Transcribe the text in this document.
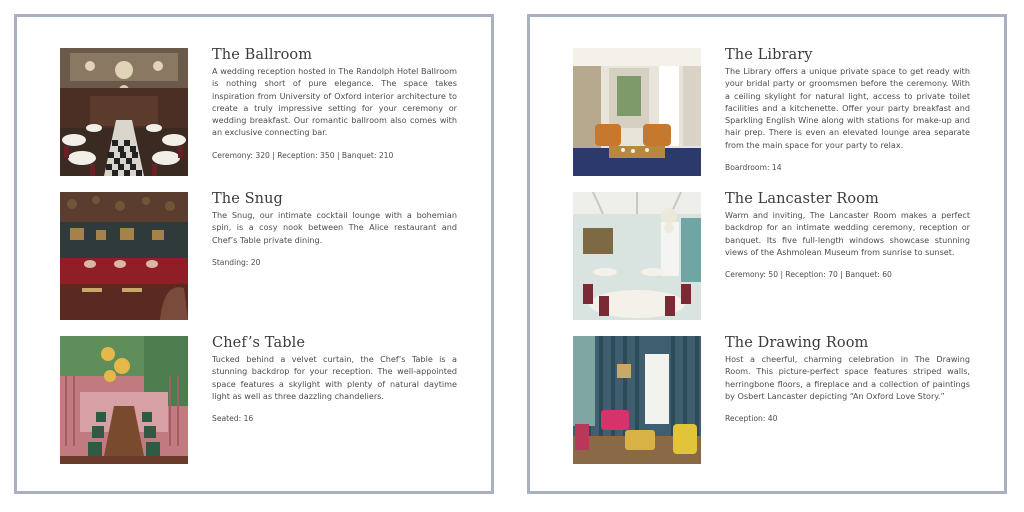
The Ballroom

A wedding reception hosted in The Randolph Hotel Ballroom is nothing short of pure elegance. The space takes inspiration from University of Oxford interior architecture to create a truly impressive setting for your ceremony or wedding breakfast. Our romantic ballroom also comes with an exclusive connecting bar.

Ceremony: 320 | Reception: 350 | Banquet: 210

The Snug

The Snug, our intimate cocktail lounge with a bohemian spin, is a cosy nook between The Alice restaurant and Chef’s Table private dining.

Standing: 20

Chef’s Table

Tucked behind a velvet curtain, the Chef’s Table is a stunning backdrop for your reception. The well-appointed space features a skylight with plenty of natural daytime light as well as three dazzling chandeliers.

Seated: 16

The Library

The Library offers a unique private space to get ready with your bridal party or groomsmen before the ceremony. With a ceiling skylight for natural light, access to private toilet facilities and a kitchenette. Offer your party breakfast and Sparkling English Wine along with stations for make-up and hair prep. There is even an elevated lounge area separate from the main space for your party to relax.

Boardroom: 14

The Lancaster Room

Warm and inviting, The Lancaster Room makes a perfect backdrop for an intimate wedding ceremony, reception or banquet. Its five full-length windows showcase stunning views of the Ashmolean Museum from sunrise to sunset.

Ceremony: 50 | Reception: 70 | Banquet: 60

The Drawing Room

Host a cheerful, charming celebration in The Drawing Room. This picture-perfect space features striped walls, herringbone floors, a fireplace and a collection of paintings by Osbert Lancaster depicting “An Oxford Love Story.”

Reception: 40
